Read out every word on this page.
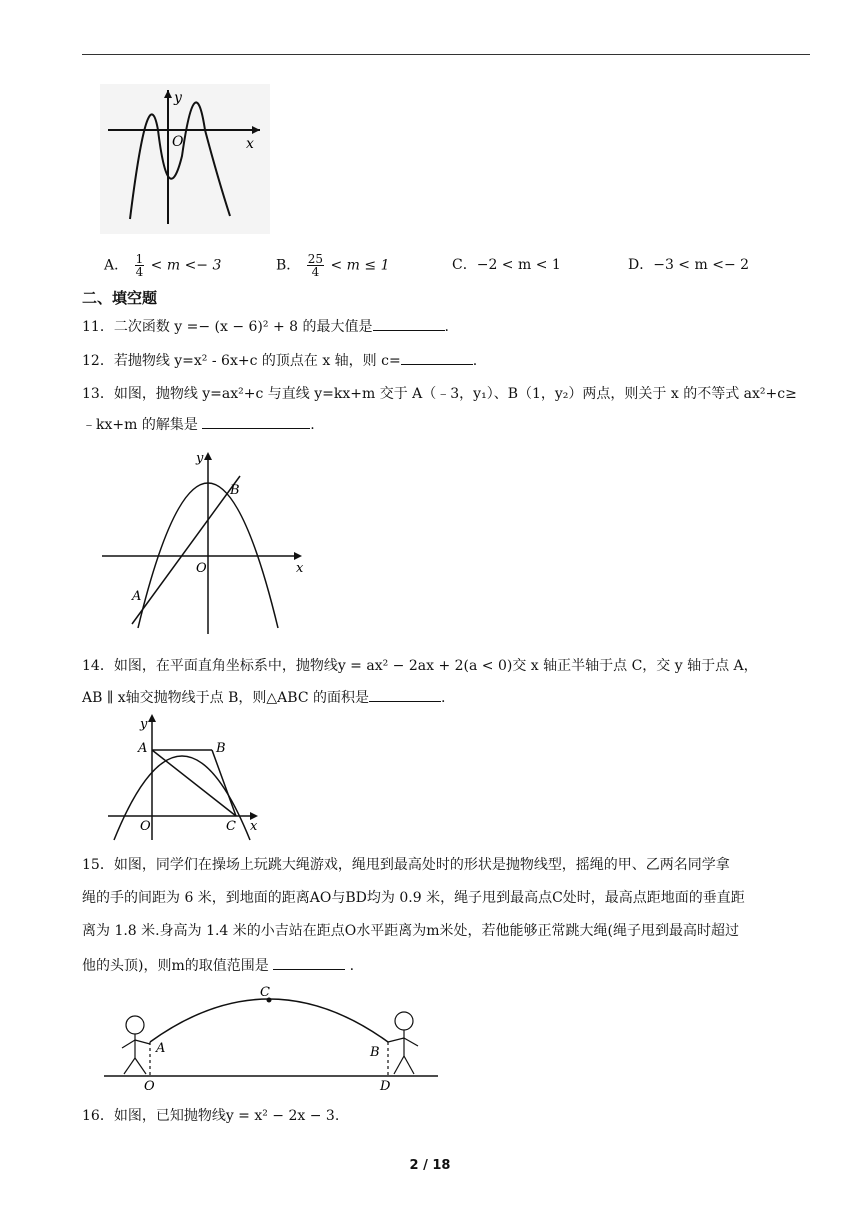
y
x
O
A． $\frac{1}{4} < m <- 3$	B． $\frac{25}{4} < m \le 1$	C．−2 < m < 1	D．−3 < m <− 2
二、填空题
11．二次函数 y =− (x − 6)² + 8 的最大值是	.
12．若抛物线 y=x² - 6x+c 的顶点在 x 轴，则 c=	.
13．如图，抛物线 y=ax²+c 与直线 y=kx+m 交于 A（﹣3，y₁）、B（1，y₂）两点，则关于 x 的不等式 ax²+c≥
﹣kx+m 的解集是	.
y
x
O
A
B
14．如图，在平面直角坐标系中，抛物线y = ax² − 2ax + 2(a < 0)交 x 轴正半轴于点 C，交 y 轴于点 A，
AB ∥ x轴交抛物线于点 B，则△ABC 的面积是	.
y
x
O
A	B
C
15．如图，同学们在操场上玩跳大绳游戏，绳甩到最高处时的形状是抛物线型，摇绳的甲、乙两名同学拿
绳的手的间距为 6 米，到地面的距离AO与BD均为 0.9 米，绳子甩到最高点C处时，最高点距地面的垂直距
离为 1.8 米.身高为 1.4 米的小吉站在距点O水平距离为m米处，若他能够正常跳大绳(绳子甩到最高时超过
他的头顶)，则m的取值范围是	.
C
A	B
O	D
16．如图，已知抛物线y = x² − 2x − 3.
2 / 18
